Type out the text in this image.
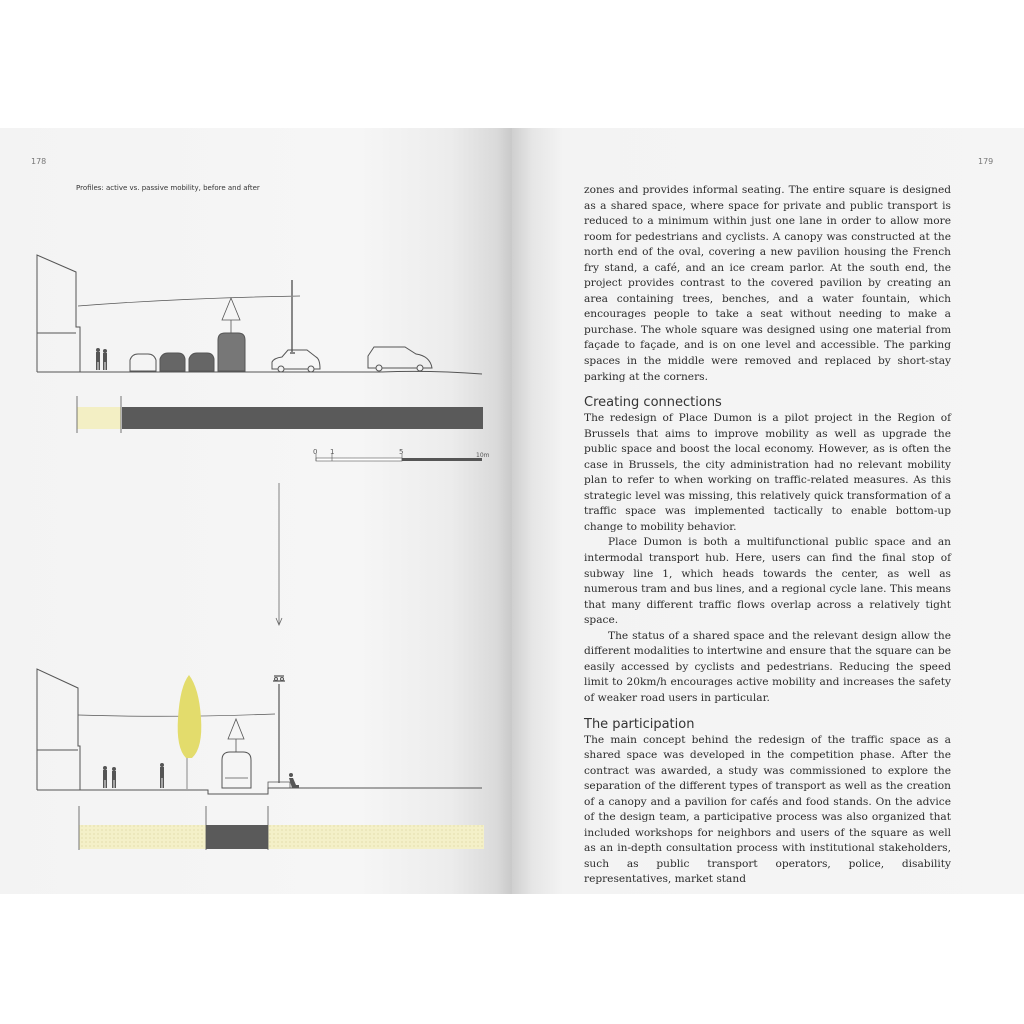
178
Profiles: active vs. passive mobility, before and after
0 1	5	10m
179

zones and provides informal seating. The entire square is designed as a shared space, where space for private and public transport is reduced to a minimum within just one lane in order to allow more room for pedestrians and cyclists. A canopy was constructed at the north end of the oval, covering a new pavilion housing the French fry stand, a café, and an ice cream parlor. At the south end, the project provides contrast to the covered pavilion by creating an area containing trees, benches, and a water fountain, which encourages people to take a seat without needing to make a purchase. The whole square was designed using one material from façade to façade, and is on one level and accessible. The parking spaces in the middle were removed and replaced by short-stay parking at the corners.

Creating connections

The redesign of Place Dumon is a pilot project in the Region of Brussels that aims to improve mobility as well as upgrade the public space and boost the local economy. However, as is often the case in Brussels, the city administration had no relevant mobility plan to refer to when working on traffic-related measures. As this strategic level was missing, this relatively quick transformation of a traffic space was implemented tactically to enable bottom-up change to mobility behavior.

Place Dumon is both a multifunctional public space and an intermodal transport hub. Here, users can find the final stop of subway line 1, which heads towards the center, as well as numerous tram and bus lines, and a regional cycle lane. This means that many different traffic flows overlap across a relatively tight space.

The status of a shared space and the relevant design allow the different modalities to intertwine and ensure that the square can be easily accessed by cyclists and pedestrians. Reducing the speed limit to 20km/h encourages active mobility and increases the safety of weaker road users in particular.

The participation

The main concept behind the redesign of the traffic space as a shared space was developed in the competition phase. After the contract was awarded, a study was commissioned to explore the separation of the different types of transport as well as the creation of a canopy and a pavilion for cafés and food stands. On the advice of the design team, a participative process was also organized that included workshops for neighbors and users of the square as well as an in-depth consultation process with institutional stakeholders, such as public transport operators, police, disability representatives, market stand
